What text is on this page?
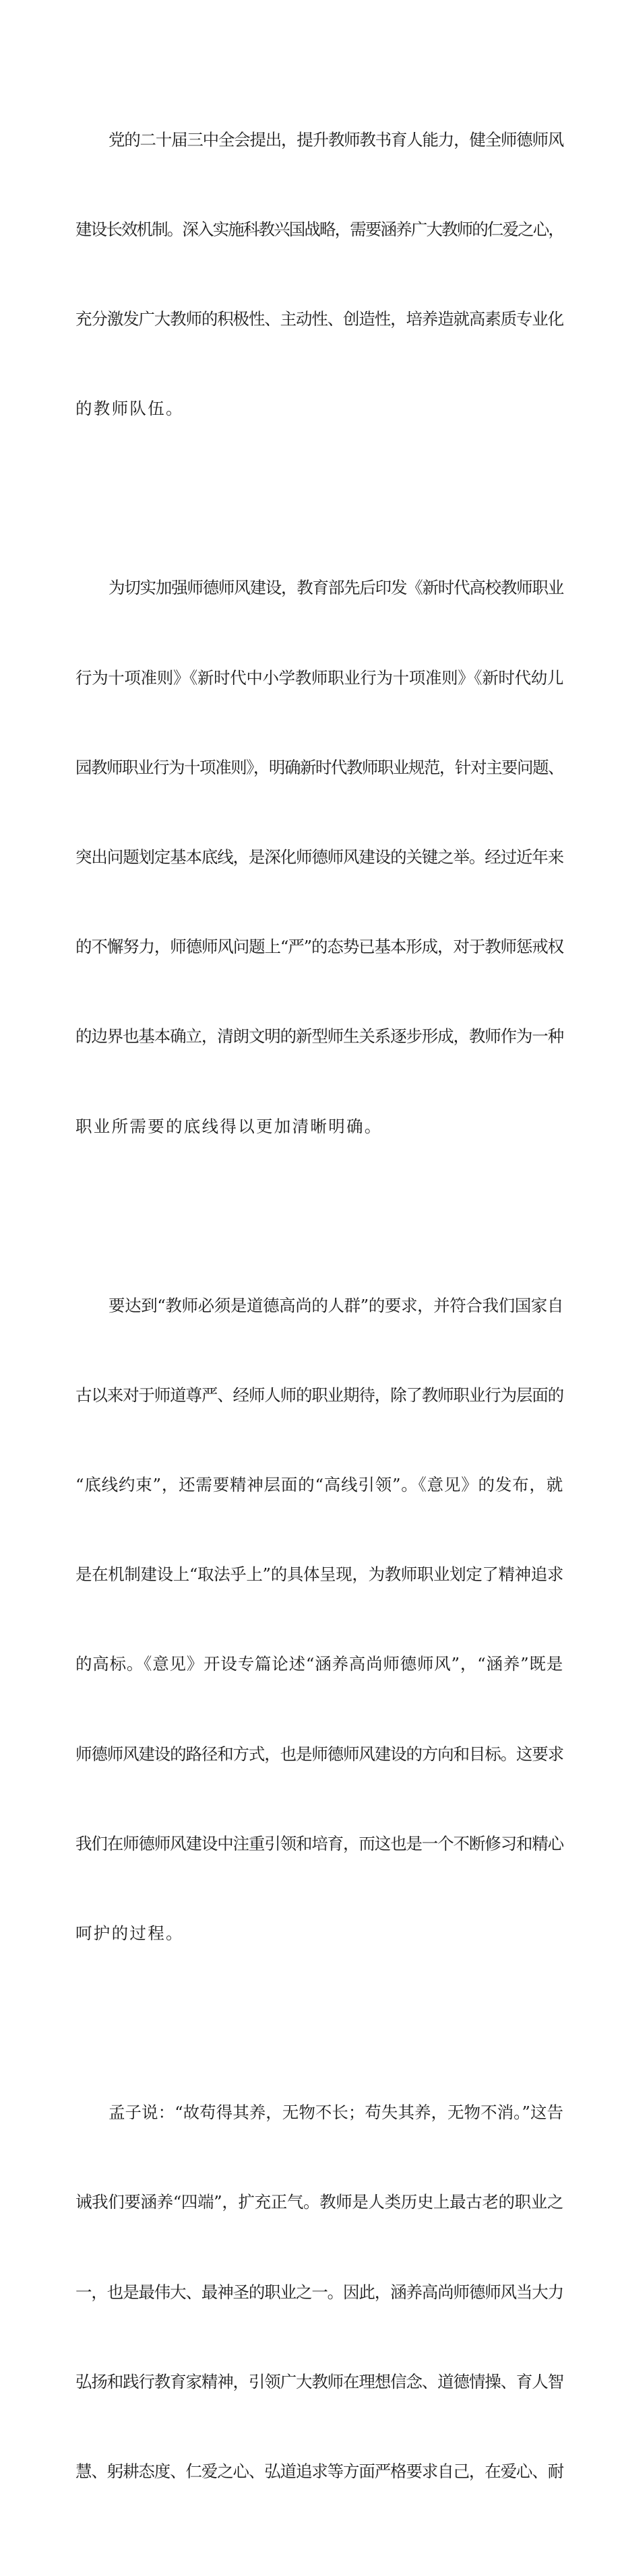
党的二十届三中全会提出，提升教师教书育人能力，健全师德师风

建设长效机制。深入实施科教兴国战略，需要涵养广大教师的仁爱之心，

充分激发广大教师的积极性、主动性、创造性，培养造就高素质专业化

的教师队伍。

为切实加强师德师风建设，教育部先后印发《新时代高校教师职业

行为十项准则》《新时代中小学教师职业行为十项准则》《新时代幼儿

园教师职业行为十项准则》，明确新时代教师职业规范，针对主要问题、

突出问题划定基本底线，是深化师德师风建设的关键之举。经过近年来

的不懈努力，师德师风问题上“严”的态势已基本形成，对于教师惩戒权

的边界也基本确立，清朗文明的新型师生关系逐步形成，教师作为一种

职业所需要的底线得以更加清晰明确。

要达到“教师必须是道德高尚的人群”的要求，并符合我们国家自

古以来对于师道尊严、经师人师的职业期待，除了教师职业行为层面的

“底线约束”，还需要精神层面的“高线引领”。《意见》的发布，就

是在机制建设上“取法乎上”的具体呈现，为教师职业划定了精神追求

的高标。《意见》开设专篇论述“涵养高尚师德师风”，“涵养”既是

师德师风建设的路径和方式，也是师德师风建设的方向和目标。这要求

我们在师德师风建设中注重引领和培育，而这也是一个不断修习和精心

呵护的过程。

孟子说：“故苟得其养，无物不长；苟失其养，无物不消。”这告

诫我们要涵养“四端”，扩充正气。教师是人类历史上最古老的职业之

一，也是最伟大、最神圣的职业之一。因此，涵养高尚师德师风当大力

弘扬和践行教育家精神，引领广大教师在理想信念、道德情操、育人智

慧、躬耕态度、仁爱之心、弘道追求等方面严格要求自己，在爱心、耐
